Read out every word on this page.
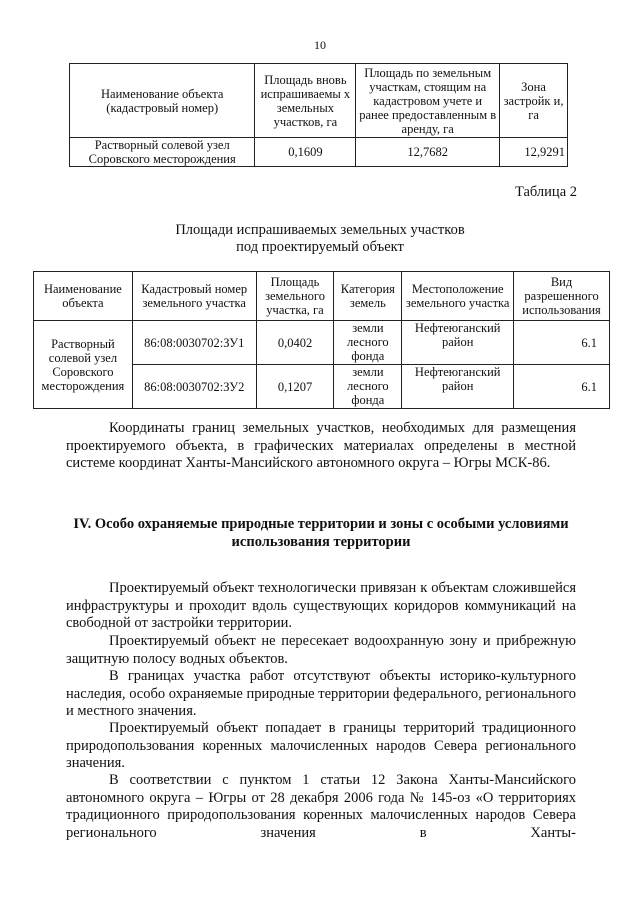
10
Наименование объекта (кадастровый номер)	Площадь вновь испрашиваемы х земельных участков, га	Площадь по земельным участкам, стоящим на кадастровом учете и ранее предоставленным в аренду, га	Зона застройк и, га
Растворный солевой узел Соровского месторождения	0,1609	12,7682	12,9291
Таблица 2
Площади испрашиваемых земельных участков
под проектируемый объект
Наименование объекта	Кадастровый номер земельного участка	Площадь земельного участка, га	Категория земель	Местоположение земельного участка	Вид разрешенного использования
Растворный солевой узел Соровского месторождения	86:08:0030702:ЗУ1	0,0402	земли лесного фонда	Нефтеюганский район	6.1
	86:08:0030702:ЗУ2	0,1207	земли лесного фонда	Нефтеюганский район	6.1
Координаты границ земельных участков, необходимых для размещения проектируемого объекта, в графических материалах определены в местной системе координат Ханты-Мансийского автономного округа – Югры МСК-86.
IV. Особо охраняемые природные территории и зоны с особыми условиями использования территории
Проектируемый объект технологически привязан к объектам сложившейся инфраструктуры и проходит вдоль существующих коридоров коммуникаций на свободной от застройки территории.
Проектируемый объект не пересекает водоохранную зону и прибрежную защитную полосу водных объектов.
В границах участка работ отсутствуют объекты историко-культурного наследия, особо охраняемые природные территории федерального, регионального и местного значения.
Проектируемый объект попадает в границы территорий традиционного природопользования коренных малочисленных народов Севера регионального значения.
В соответствии с пунктом 1 статьи 12 Закона Ханты-Мансийского автономного округа – Югры от 28 декабря 2006 года № 145-оз «О территориях традиционного природопользования коренных малочисленных народов Севера регионального значения в Ханты-
